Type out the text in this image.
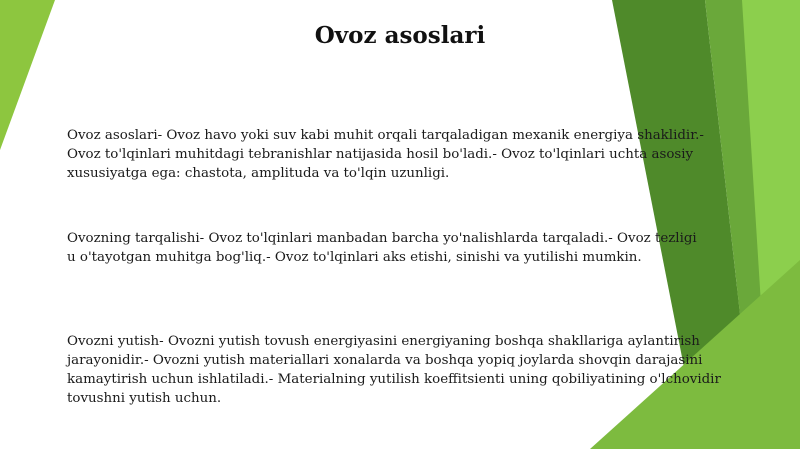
Ovoz asoslari
Ovoz asoslari- Ovoz havo yoki suv kabi muhit orqali tarqaladigan mexanik energiya shaklidir.-
Ovoz to'lqinlari muhitdagi tebranishlar natijasida hosil bo'ladi.- Ovoz to'lqinlari uchta asosiy
xususiyatga ega: chastota, amplituda va to'lqin uzunligi.
Ovozning tarqalishi- Ovoz to'lqinlari manbadan barcha yo'nalishlarda tarqaladi.- Ovoz tezligi
u o'tayotgan muhitga bog'liq.- Ovoz to'lqinlari aks etishi, sinishi va yutilishi mumkin.
Ovozni yutish- Ovozni yutish tovush energiyasini energiyaning boshqa shakllariga aylantirish
jarayonidir.- Ovozni yutish materiallari xonalarda va boshqa yopiq joylarda shovqin darajasini
kamaytirish uchun ishlatiladi.- Materialning yutilish koeffitsienti uning qobiliyatining o'lchovidir
tovushni yutish uchun.
